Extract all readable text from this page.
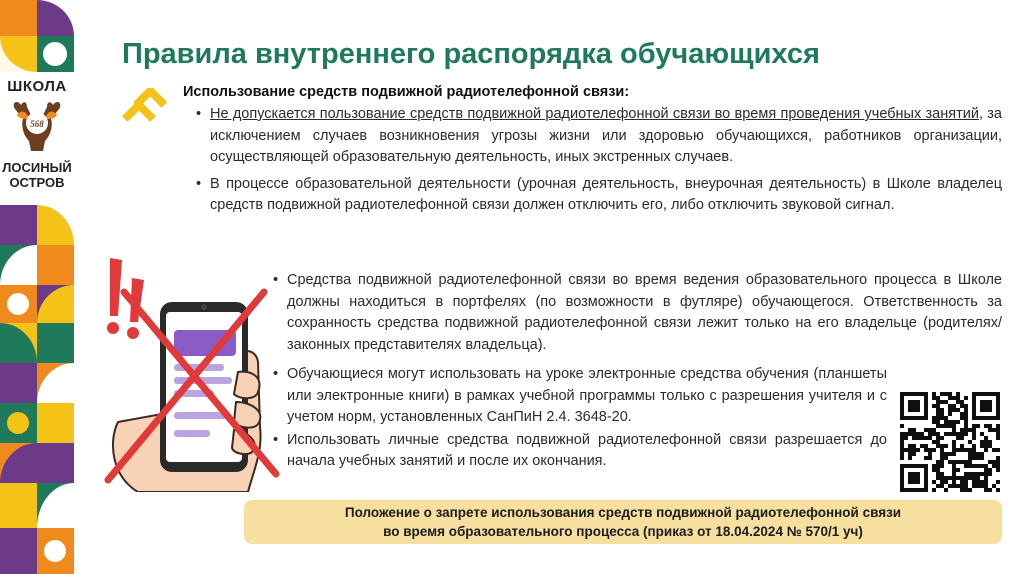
ШКОЛА
568
ЛОСИНЫЙ
ОСТРОВ
Правила внутреннего распорядка обучающихся
Использование средств подвижной радиотелефонной связи:
• Не допускается пользование средств подвижной радиотелефонной связи во время проведения учебных занятий, за исключением случаев возникновения угрозы жизни или здоровью обучающихся, работников организации, осуществляющей образовательную деятельность, иных экстренных случаев.
• В процессе образовательной деятельности (урочная деятельность, внеурочная деятельность) в Школе владелец средств подвижной радиотелефонной связи должен отключить его, либо отключить звуковой сигнал.
• Средства подвижной радиотелефонной связи во время ведения образовательного процесса в Школе должны находиться в портфелях (по возможности в футляре) обучающегося. Ответственность за сохранность средства подвижной радиотелефонной связи лежит только на его владельце (родителях/законных представителях владельца).
• Обучающиеся могут использовать на уроке электронные средства обучения (планшеты или электронные книги) в рамках учебной программы только с разрешения учителя и с учетом норм, установленных СанПиН 2.4. 3648-20.
• Использовать личные средства подвижной радиотелефонной связи разрешается до начала учебных занятий и после их окончания.
Положение о запрете использования средств подвижной радиотелефонной связи
во время образовательного процесса (приказ от 18.04.2024 № 570/1 уч)
